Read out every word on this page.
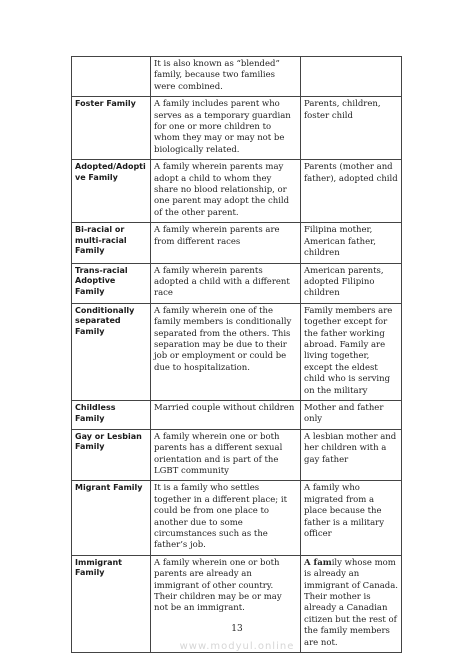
	It is also known as “blended” family, because two families were combined.	
Foster Family	A family includes parent who serves as a temporary guardian for one or more children to whom they may or may not be biologically related.	Parents, children, foster child
Adopted/Adoptive Family	A family wherein parents may adopt a child to whom they share no blood relationship, or one parent may adopt the child of the other parent.	Parents (mother and father), adopted child
Bi-racial or multi-racial Family	A family wherein parents are from different races	Filipina mother, American father, children
Trans-racial Adoptive Family	A family wherein parents adopted a child with a different race	American parents, adopted Filipino children
Conditionally separated Family	A family wherein one of the family members is conditionally separated from the others. This separation may be due to their job or employment or could be due to hospitalization.	Family members are together except for the father working abroad. Family are living together, except the eldest child who is serving on the military
Childless Family	Married couple without children	Mother and father only
Gay or Lesbian Family	A family wherein one or both parents has a different sexual orientation and is part of the LGBT community	A lesbian mother and her children with a gay father
Migrant Family	It is a family who settles together in a different place; it could be from one place to another due to some circumstances such as the father’s job.	A family who migrated from a place because the father is a military officer
Immigrant Family	A family wherein one or both parents are already an immigrant of other country. Their children may be or may not be an immigrant.	A family whose mom is already an immigrant of Canada. Their mother is already a Canadian citizen but the rest of the family members are not.
13
www.modyul.online
